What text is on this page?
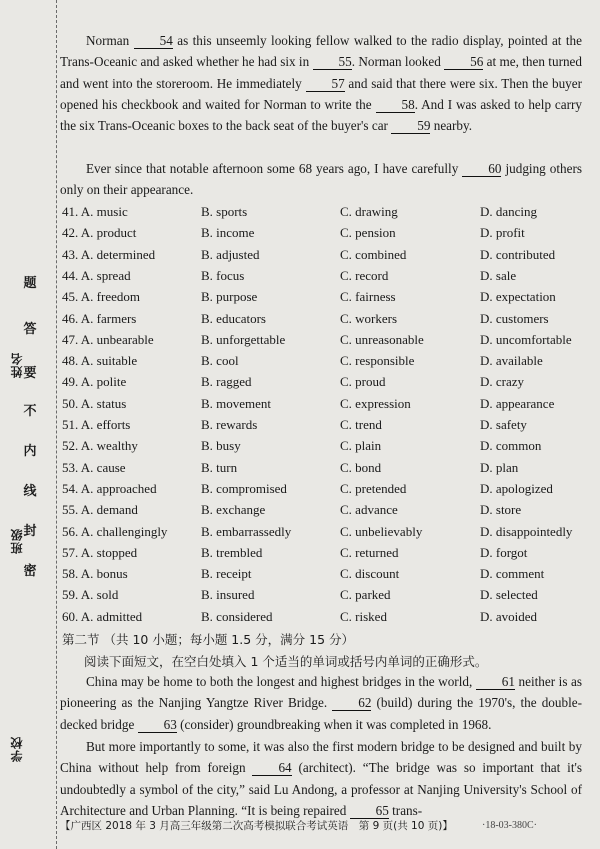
姓名
班级
学校
题
答
要
不
内
线
封
密
Norman 54 as this unseemly looking fellow walked to the radio display, pointed at the Trans-Oceanic and asked whether he had six in 55. Norman looked 56 at me, then turned and went into the storeroom. He immediately 57 and said that there were six. Then the buyer opened his checkbook and waited for Norman to write the 58. And I was asked to help carry the six Trans-Oceanic boxes to the back seat of the buyer's car 59 nearby.
Ever since that notable afternoon some 68 years ago, I have carefully 60 judging others only on their appearance.
41. A. music	B. sports	C. drawing	D. dancing
42. A. product	B. income	C. pension	D. profit
43. A. determined	B. adjusted	C. combined	D. contributed
44. A. spread	B. focus	C. record	D. sale
45. A. freedom	B. purpose	C. fairness	D. expectation
46. A. farmers	B. educators	C. workers	D. customers
47. A. unbearable	B. unforgettable	C. unreasonable	D. uncomfortable
48. A. suitable	B. cool	C. responsible	D. available
49. A. polite	B. ragged	C. proud	D. crazy
50. A. status	B. movement	C. expression	D. appearance
51. A. efforts	B. rewards	C. trend	D. safety
52. A. wealthy	B. busy	C. plain	D. common
53. A. cause	B. turn	C. bond	D. plan
54. A. approached	B. compromised	C. pretended	D. apologized
55. A. demand	B. exchange	C. advance	D. store
56. A. challengingly	B. embarrassedly	C. unbelievably	D. disappointedly
57. A. stopped	B. trembled	C. returned	D. forgot
58. A. bonus	B. receipt	C. discount	D. comment
59. A. sold	B. insured	C. parked	D. selected
60. A. admitted	B. considered	C. risked	D. avoided
第二节 （共 10 小题；每小题 1.5 分，满分 15 分）
阅读下面短文，在空白处填入 1 个适当的单词或括号内单词的正确形式。
China may be home to both the longest and highest bridges in the world, 61 neither is as pioneering as the Nanjing Yangtze River Bridge. 62 (build) during the 1970's, the double-decked bridge 63 (consider) groundbreaking when it was completed in 1968.
But more importantly to some, it was also the first modern bridge to be designed and built by China without help from foreign 64 (architect). “The bridge was so important that it's undoubtedly a symbol of the city,” said Lu Andong, a professor at Nanjing University's School of Architecture and Urban Planning. “It is being repaired 65 trans-
【广西区 2018 年 3 月高三年级第二次高考模拟联合考试英语　第 9 页(共 10 页)】	·18-03-380C·
